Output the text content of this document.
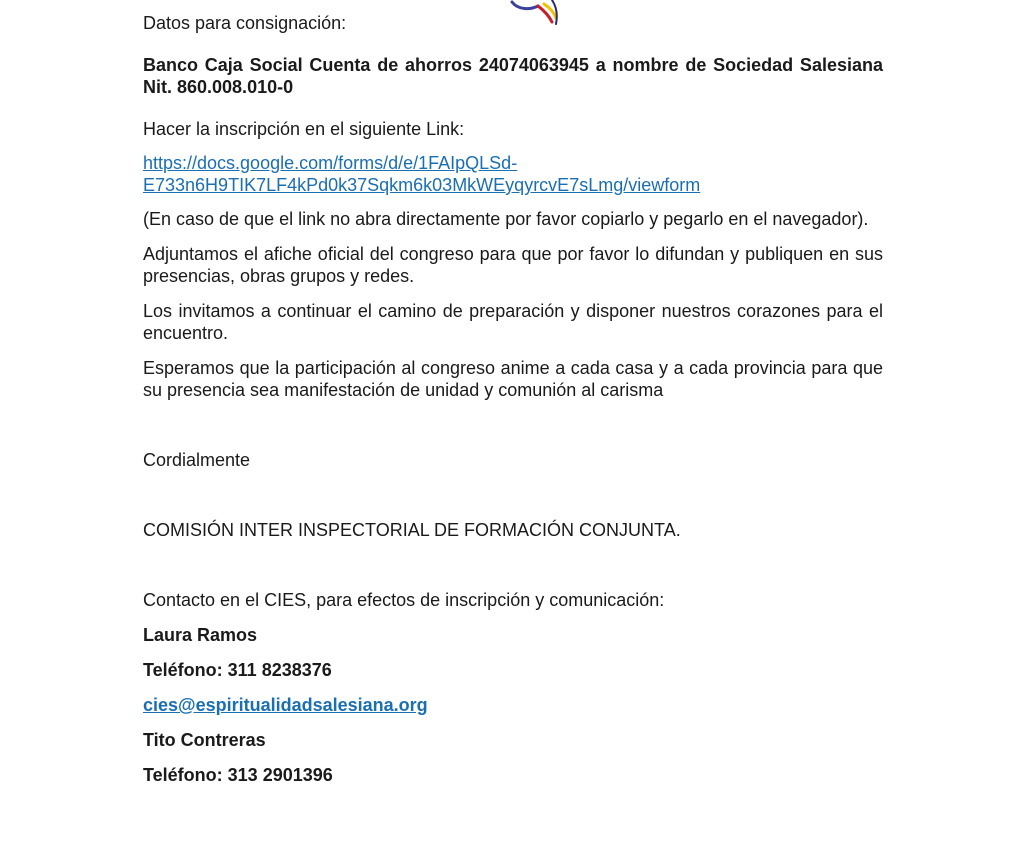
Datos para consignación:

Banco Caja Social Cuenta de ahorros 24074063945 a nombre de Sociedad Salesiana Nit. 860.008.010-0

Hacer la inscripción en el siguiente Link:

https://docs.google.com/forms/d/e/1FAIpQLSd-
E733n6H9TIK7LF4kPd0k37Sqkm6k03MkWEyqyrcvE7sLmg/viewform

(En caso de que el link no abra directamente por favor copiarlo y pegarlo en el navegador).

Adjuntamos el afiche oficial del congreso para que por favor lo difundan y publiquen en sus presencias, obras grupos y redes.

Los invitamos a continuar el camino de preparación y disponer nuestros corazones para el encuentro.

Esperamos que la participación al congreso anime a cada casa y a cada provincia para que su presencia sea manifestación de unidad y comunión al carisma

Cordialmente

COMISIÓN INTER INSPECTORIAL DE FORMACIÓN CONJUNTA.

Contacto en el CIES, para efectos de inscripción y comunicación:

Laura Ramos

Teléfono: 311 8238376

cies@espiritualidadsalesiana.org

Tito Contreras

Teléfono: 313 2901396
